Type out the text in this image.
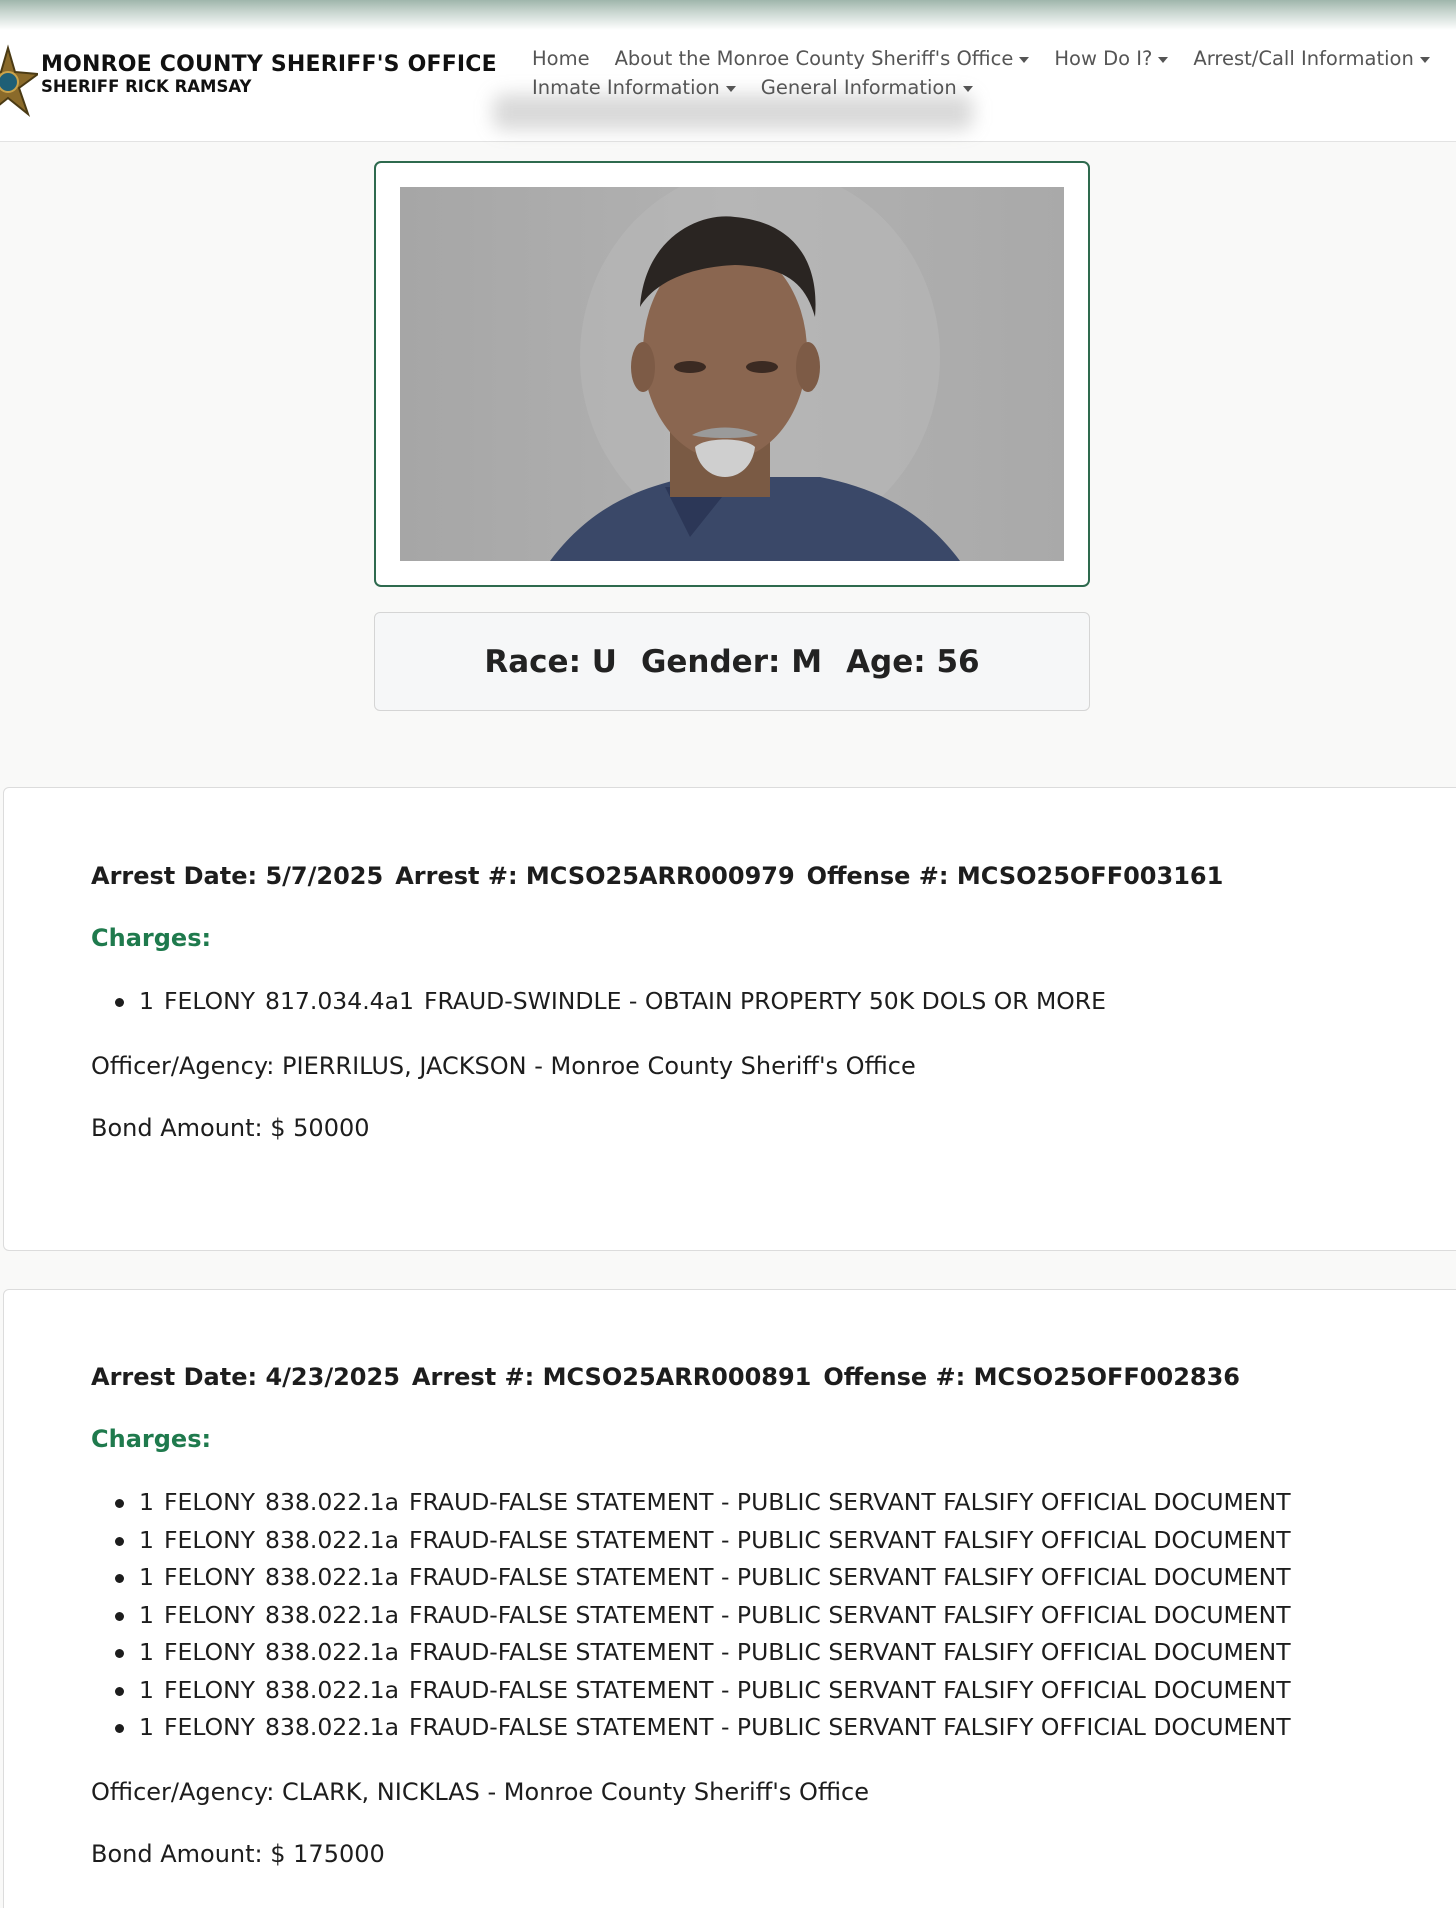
MONROE COUNTY SHERIFF'S OFFICE
SHERIFF RICK RAMSAY
Home About the Monroe County Sheriff's Office How Do I? Arrest/Call Information
Inmate Information General Information
Race:
U Gender:
M Age:
56
Arrest Date: 5/7/2025 Arrest #: MCSO25ARR000979 Offense #: MCSO25OFF003161
Charges:
1 FELONY 817.034.4a1 FRAUD-SWINDLE - OBTAIN PROPERTY 50K DOLS OR MORE
Officer/Agency: PIERRILUS, JACKSON - Monroe County Sheriff's Office
Bond Amount: $ 50000
Arrest Date: 4/23/2025 Arrest #: MCSO25ARR000891 Offense #: MCSO25OFF002836
Charges:
1 FELONY 838.022.1a FRAUD-FALSE STATEMENT - PUBLIC SERVANT FALSIFY OFFICIAL DOCUMENT
1 FELONY 838.022.1a FRAUD-FALSE STATEMENT - PUBLIC SERVANT FALSIFY OFFICIAL DOCUMENT
1 FELONY 838.022.1a FRAUD-FALSE STATEMENT - PUBLIC SERVANT FALSIFY OFFICIAL DOCUMENT
1 FELONY 838.022.1a FRAUD-FALSE STATEMENT - PUBLIC SERVANT FALSIFY OFFICIAL DOCUMENT
1 FELONY 838.022.1a FRAUD-FALSE STATEMENT - PUBLIC SERVANT FALSIFY OFFICIAL DOCUMENT
1 FELONY 838.022.1a FRAUD-FALSE STATEMENT - PUBLIC SERVANT FALSIFY OFFICIAL DOCUMENT
1 FELONY 838.022.1a FRAUD-FALSE STATEMENT - PUBLIC SERVANT FALSIFY OFFICIAL DOCUMENT
Officer/Agency: CLARK, NICKLAS - Monroe County Sheriff's Office
Bond Amount: $ 175000
